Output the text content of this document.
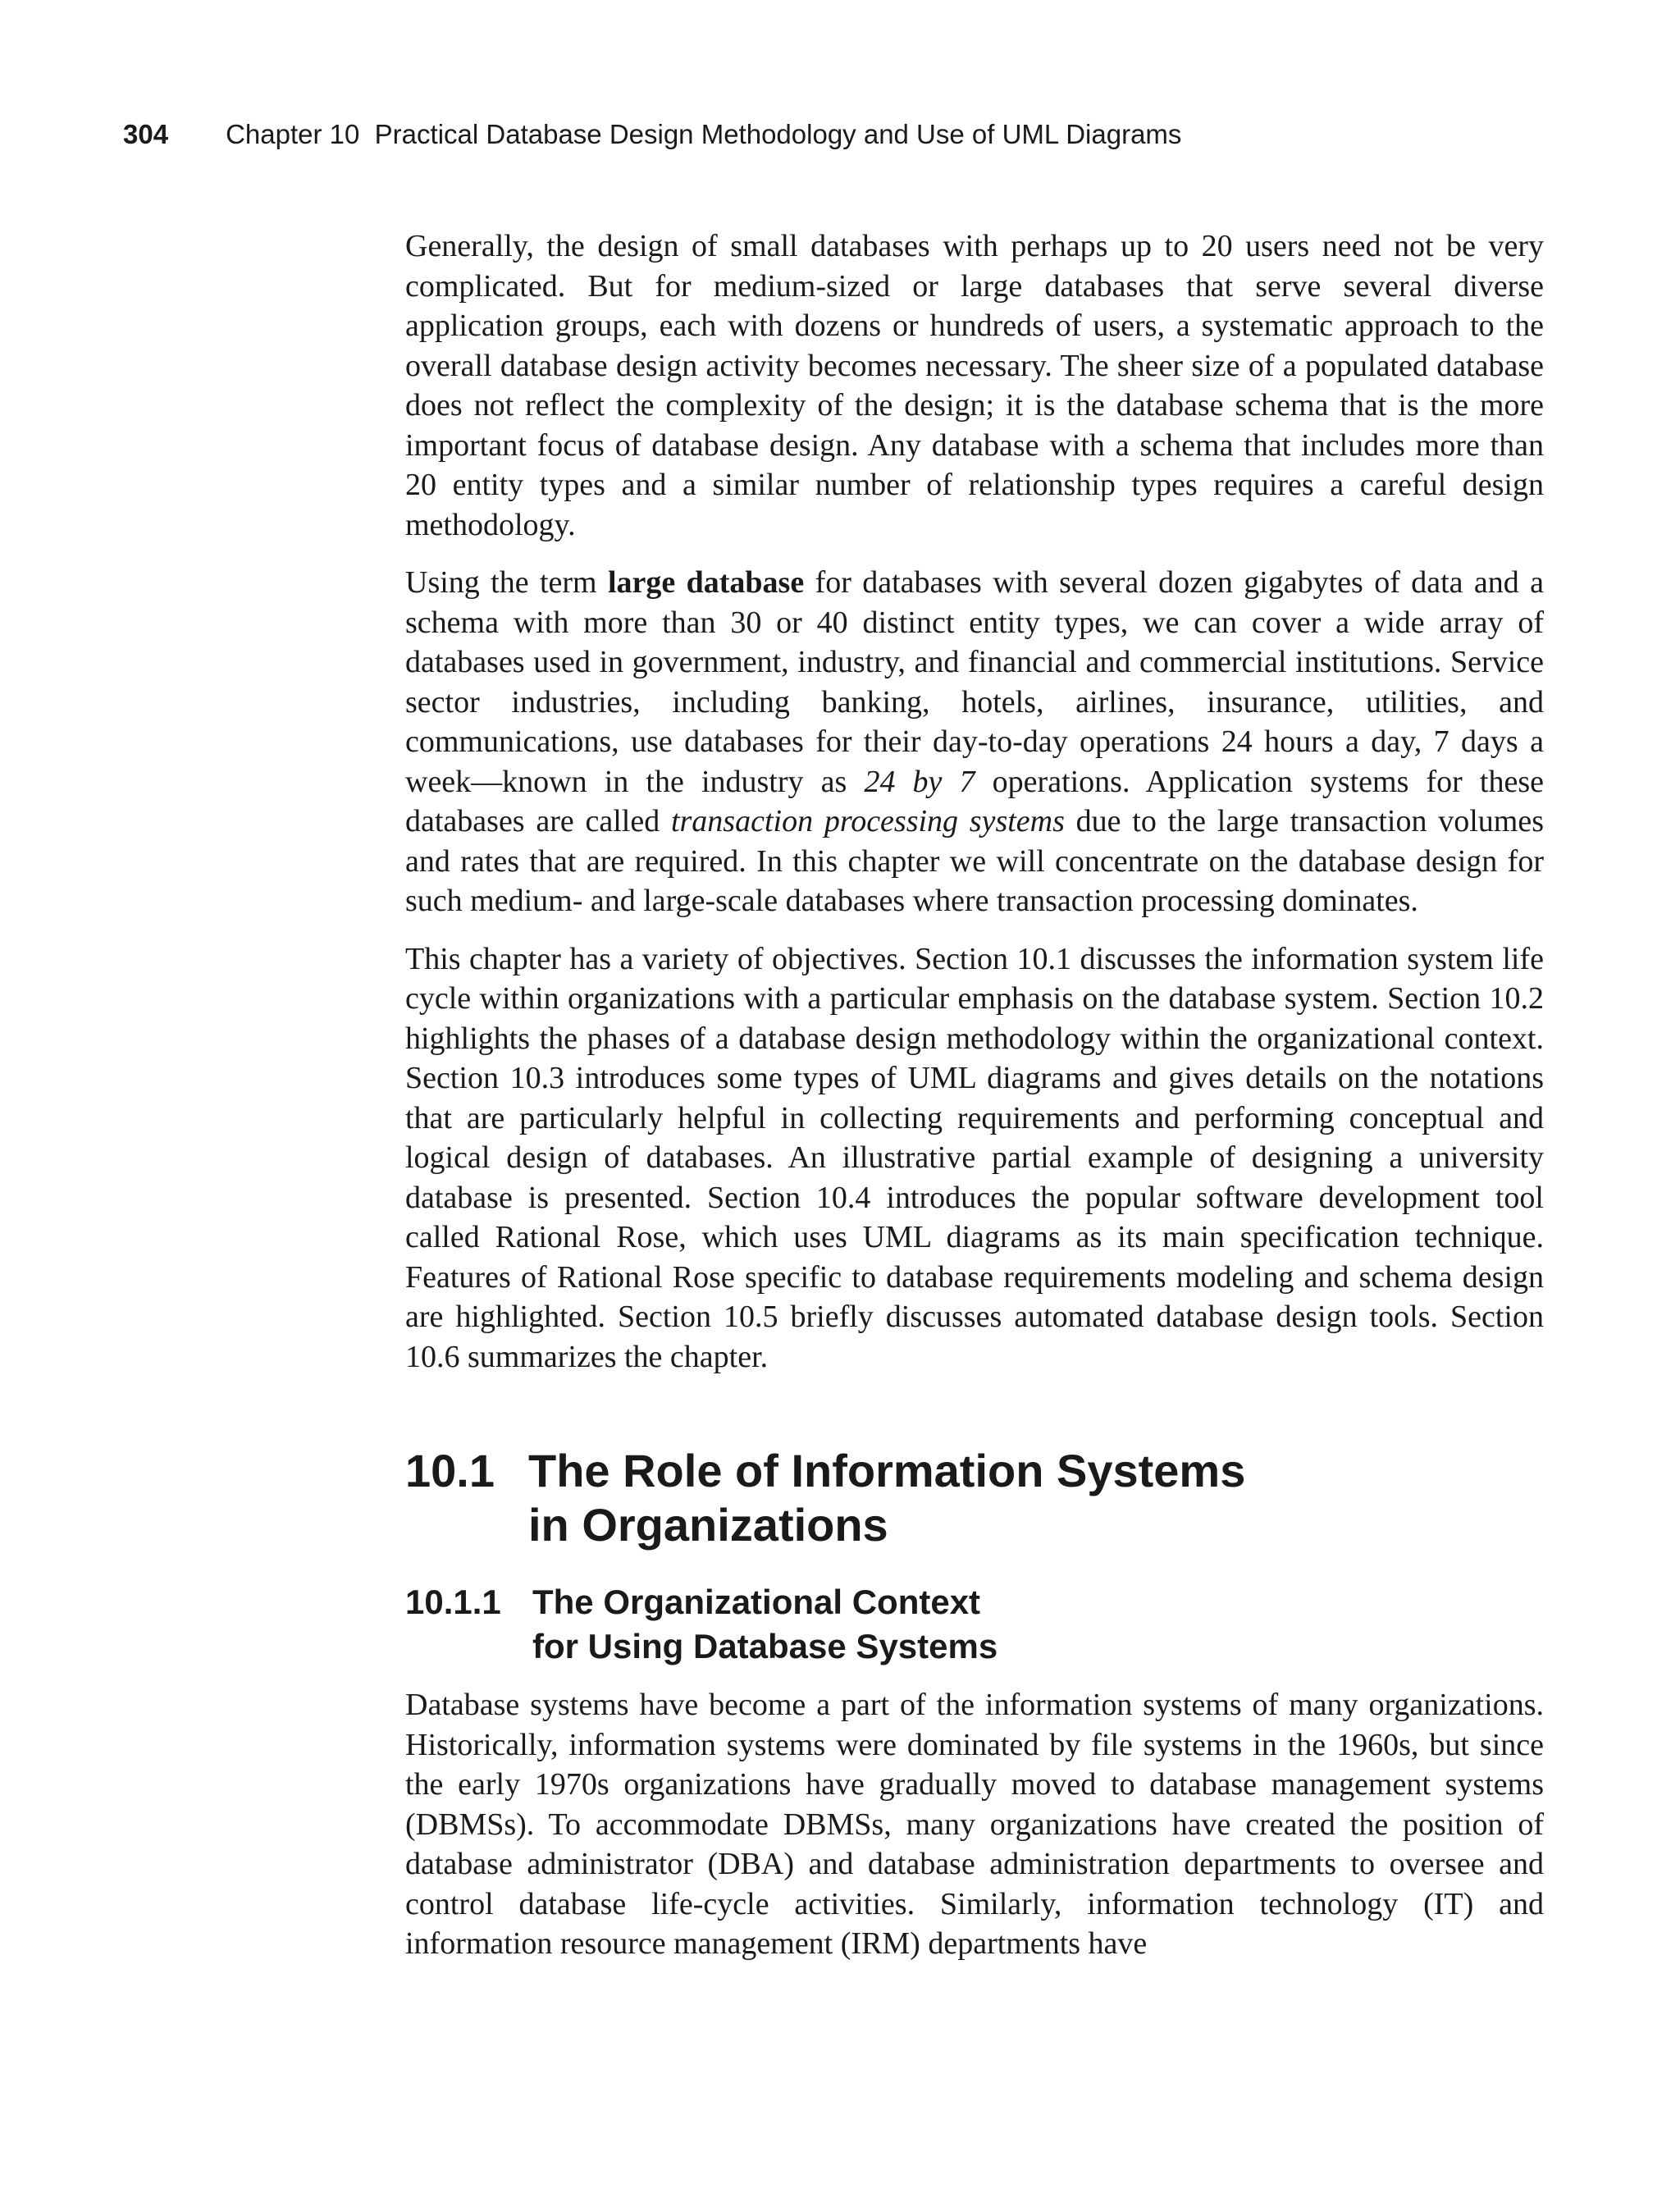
304 Chapter 10  Practical Database Design Methodology and Use of UML Diagrams

Generally, the design of small databases with perhaps up to 20 users need not be very complicated. But for medium-sized or large databases that serve several diverse application groups, each with dozens or hundreds of users, a systematic approach to the overall database design activity becomes necessary. The sheer size of a populated database does not reflect the complexity of the design; it is the database schema that is the more important focus of database design. Any database with a schema that includes more than 20 entity types and a similar number of relationship types requires a careful design methodology.

Using the term large database for databases with several dozen gigabytes of data and a schema with more than 30 or 40 distinct entity types, we can cover a wide array of databases used in government, industry, and financial and commercial institutions. Service sector industries, including banking, hotels, airlines, insurance, utilities, and communications, use databases for their day-to-day operations 24 hours a day, 7 days a week—known in the industry as 24 by 7 operations. Application systems for these databases are called transaction processing systems due to the large transaction volumes and rates that are required. In this chapter we will concentrate on the database design for such medium- and large-scale databases where transaction processing dominates.

This chapter has a variety of objectives. Section 10.1 discusses the information system life cycle within organizations with a particular emphasis on the database system. Section 10.2 highlights the phases of a database design methodology within the organizational context. Section 10.3 introduces some types of UML diagrams and gives details on the notations that are particularly helpful in collecting requirements and performing conceptual and logical design of databases. An illustrative partial example of designing a university database is presented. Section 10.4 introduces the popular software development tool called Rational Rose, which uses UML diagrams as its main specification technique. Features of Rational Rose specific to database requirements modeling and schema design are highlighted. Section 10.5 briefly discusses automated database design tools. Section 10.6 summarizes the chapter.

10.1 The Role of Information Systems
in Organizations
10.1.1 The Organizational Context
for Using Database Systems

Database systems have become a part of the information systems of many organizations. Historically, information systems were dominated by file systems in the 1960s, but since the early 1970s organizations have gradually moved to database management systems (DBMSs). To accommodate DBMSs, many organizations have created the position of database administrator (DBA) and database administration departments to oversee and control database life-cycle activities. Similarly, information technology (IT) and information resource management (IRM) departments have
